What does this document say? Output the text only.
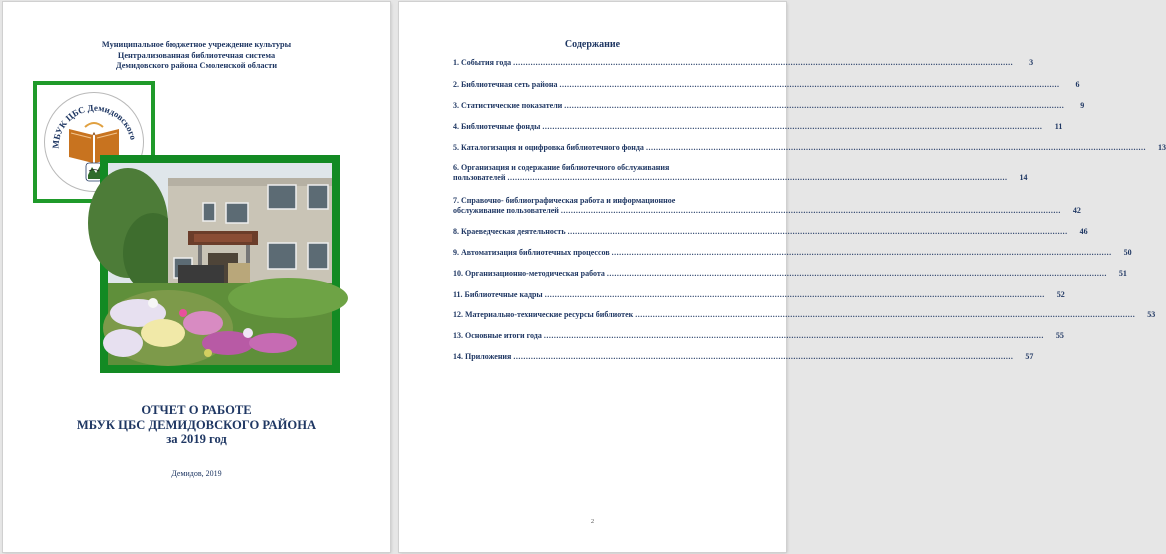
Муниципальное бюджетное учреждение культуры
Централизованная библиотечная система
Демидовского района Смоленской области
МБУК ЦБС Демидовского
ОТЧЕТ О РАБОТЕ
МБУК ЦБС ДЕМИДОВСКОГО РАЙОНА
за 2019 год
Демидов, 2019
Содержание
1. События года ........................................................................................................................................................................................................	3
2. Библиотечная сеть района ........................................................................................................................................................................................................	6
3. Статистические показатели ........................................................................................................................................................................................................	9
4. Библиотечные фонды ........................................................................................................................................................................................................	11
5. Каталогизация и оцифровка библиотечного фонда ........................................................................................................................................................................................................	13
6. Организация и содержание библиотечного обслуживания
пользователей ........................................................................................................................................................................................................	14
7. Справочно- библиографическая работа и информационное
обслуживание пользователей ........................................................................................................................................................................................................	42
8. Краеведческая деятельность ........................................................................................................................................................................................................	46
9. Автоматизация библиотечных процессов ........................................................................................................................................................................................................	50
10. Организационно-методическая работа ........................................................................................................................................................................................................	51
11. Библиотечные кадры ........................................................................................................................................................................................................	52
12. Материально-технические ресурсы библиотек ........................................................................................................................................................................................................	53
13. Основные итоги года ........................................................................................................................................................................................................	55
14. Приложения ........................................................................................................................................................................................................	57
2
